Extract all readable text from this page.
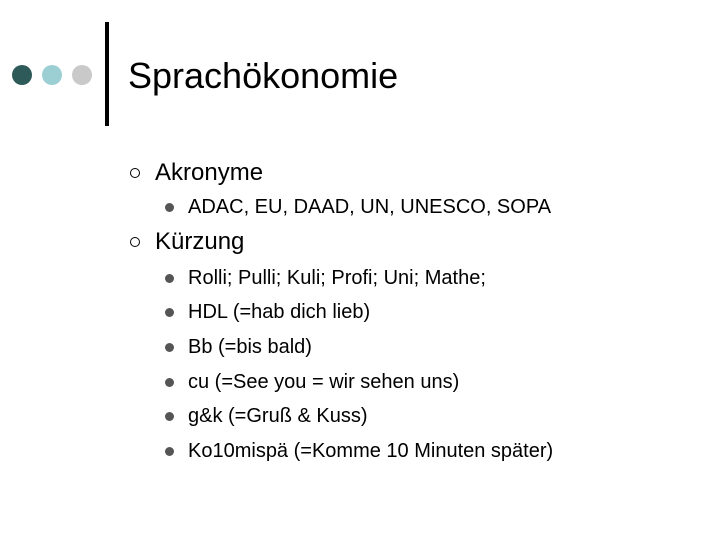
Sprachökonomie
Akronyme
ADAC, EU, DAAD, UN, UNESCO, SOPA
Kürzung
Rolli; Pulli; Kuli; Profi; Uni; Mathe;
HDL (=hab dich lieb)
Bb (=bis bald)
cu (=See you = wir sehen uns)
g&k (=Gruß & Kuss)
Ko10mispä (=Komme 10 Minuten später)
